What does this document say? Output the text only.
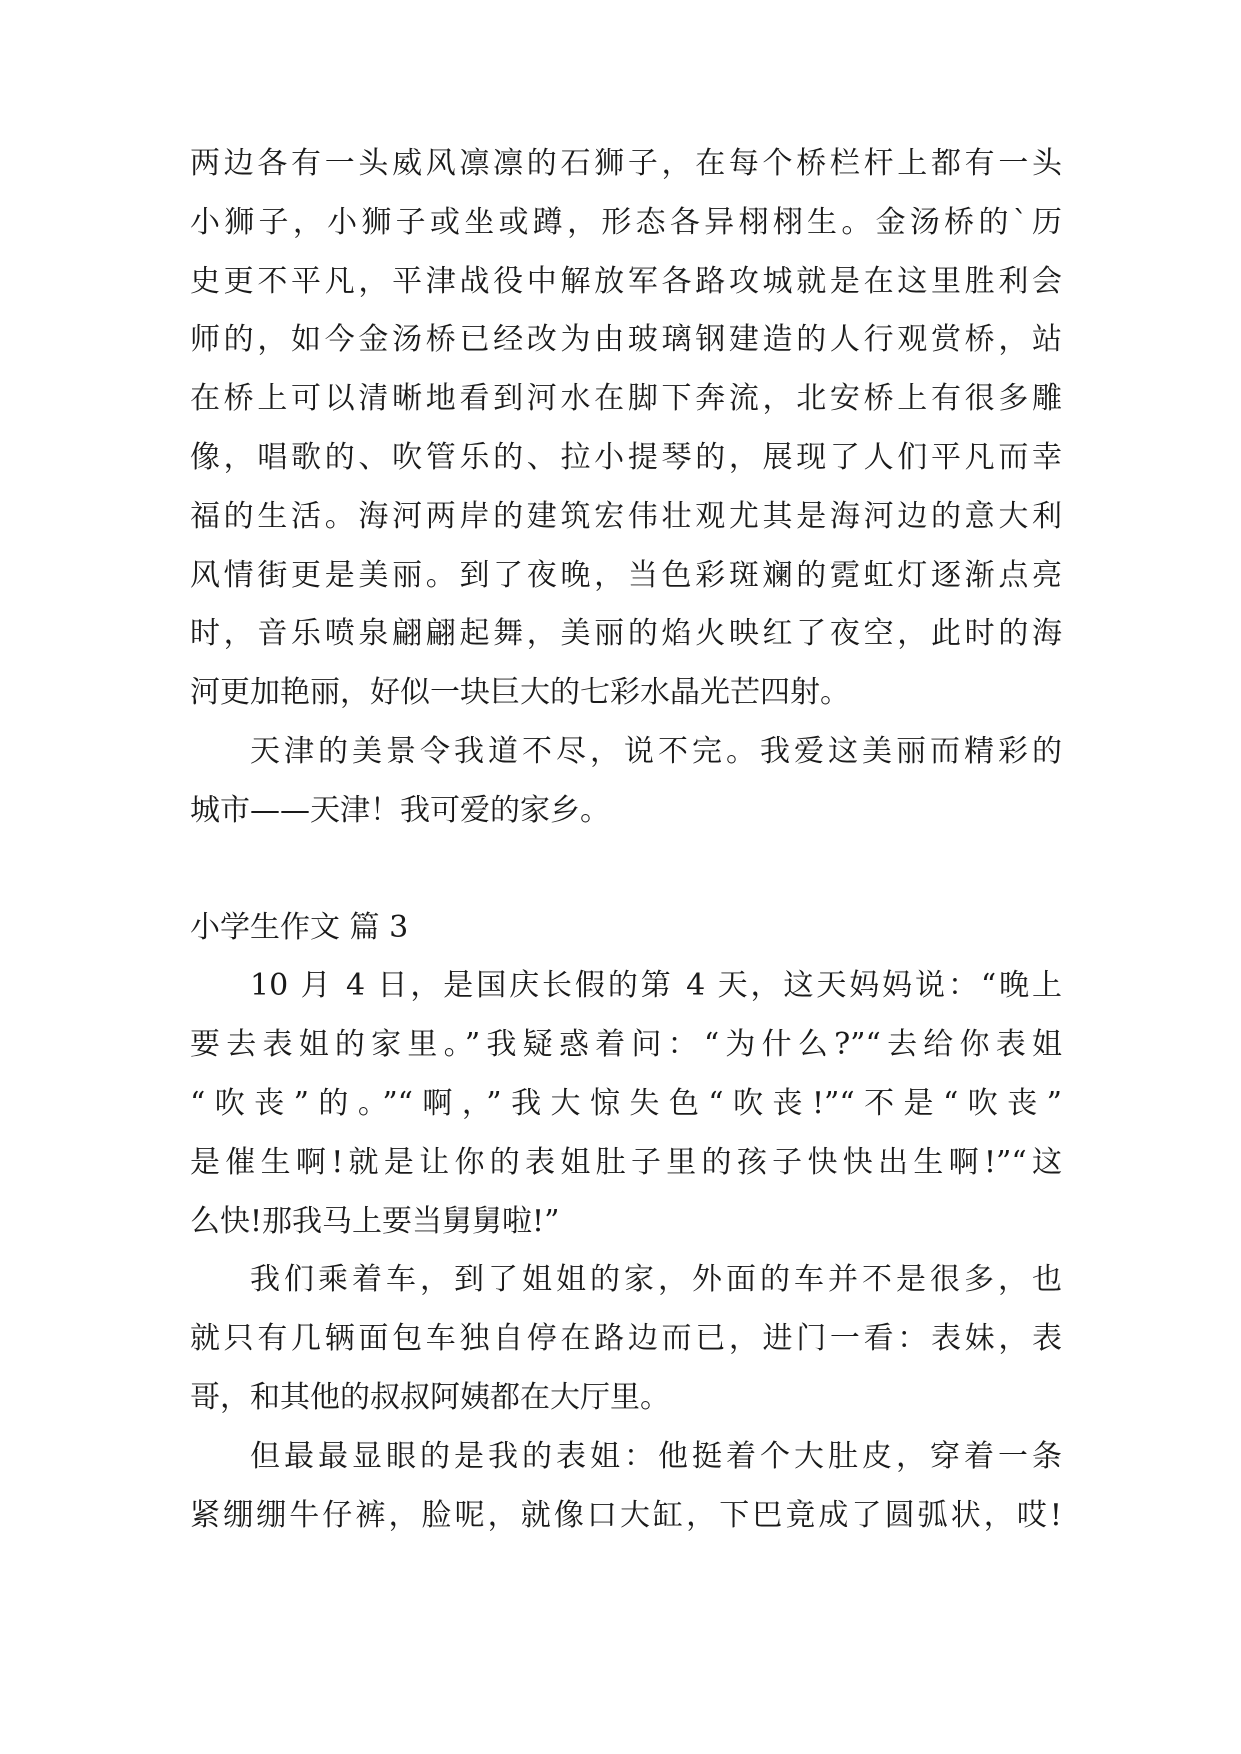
两边各有一头威风凛凛的石狮子，在每个桥栏杆上都有一头
小狮子，小狮子或坐或蹲，形态各异栩栩生。金汤桥的`历
史更不平凡，平津战役中解放军各路攻城就是在这里胜利会
师的，如今金汤桥已经改为由玻璃钢建造的人行观赏桥，站
在桥上可以清晰地看到河水在脚下奔流，北安桥上有很多雕
像，唱歌的、吹管乐的、拉小提琴的，展现了人们平凡而幸
福的生活。海河两岸的建筑宏伟壮观尤其是海河边的意大利
风情街更是美丽。到了夜晚，当色彩斑斓的霓虹灯逐渐点亮
时，音乐喷泉翩翩起舞，美丽的焰火映红了夜空，此时的海
河更加艳丽，好似一块巨大的七彩水晶光芒四射。
天津的美景令我道不尽，说不完。我爱这美丽而精彩的
城市——天津！我可爱的家乡。
小学生作文 篇 3
10 月 4 日，是国庆长假的第 4 天，这天妈妈说：“晚上
要去表姐的家里。”我疑惑着问：“为什么?”“去给你表姐
“吹丧”的。”“啊，”我大惊失色“吹丧!”“不是“吹丧”
是催生啊!就是让你的表姐肚子里的孩子快快出生啊!”“这
么快!那我马上要当舅舅啦!”
我们乘着车，到了姐姐的家，外面的车并不是很多，也
就只有几辆面包车独自停在路边而已，进门一看：表妹，表
哥，和其他的叔叔阿姨都在大厅里。
但最最显眼的是我的表姐：他挺着个大肚皮，穿着一条
紧绷绷牛仔裤，脸呢，就像口大缸，下巴竟成了圆弧状，哎!
